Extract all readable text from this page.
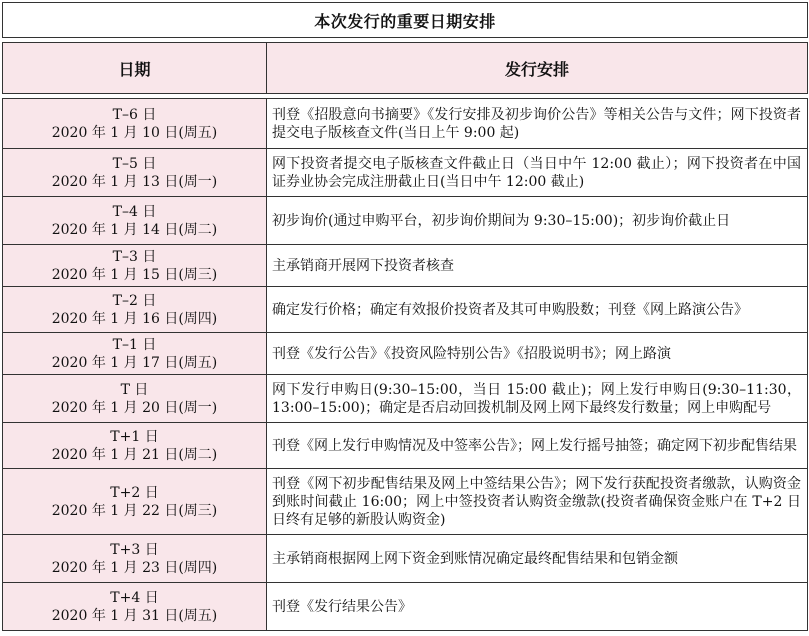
本次发行的重要日期安排	

日期	发行安排

T–6 日
2020 年 1 月 10 日(周五)	刊登《招股意向书摘要》《发行安排及初步询价公告》等相关公告与文件；网下投资者提交电子版核查文件(当日上午 9:00 起)

T–5 日
2020 年 1 月 13 日(周一)	网下投资者提交电子版核查文件截止日（当日中午 12:00 截止）；网下投资者在中国证券业协会完成注册截止日(当日中午 12:00 截止)

T–4 日
2020 年 1 月 14 日(周二)	初步询价(通过申购平台，初步询价期间为 9:30–15:00)；初步询价截止日

T–3 日
2020 年 1 月 15 日(周三)	主承销商开展网下投资者核查

T–2 日
2020 年 1 月 16 日(周四)	确定发行价格；确定有效报价投资者及其可申购股数；刊登《网上路演公告》

T–1 日
2020 年 1 月 17 日(周五)	刊登《发行公告》《投资风险特别公告》《招股说明书》；网上路演

T 日
2020 年 1 月 20 日(周一)	网下发行申购日(9:30–15:00，当日 15:00 截止)；网上发行申购日(9:30–11:30，13:00–15:00)；确定是否启动回拨机制及网上网下最终发行数量；网上申购配号

T+1 日
2020 年 1 月 21 日(周二)	刊登《网上发行申购情况及中签率公告》；网上发行摇号抽签；确定网下初步配售结果

T+2 日
2020 年 1 月 22 日(周三)	刊登《网下初步配售结果及网上中签结果公告》；网下发行获配投资者缴款，认购资金到账时间截止 16:00；网上中签投资者认购资金缴款(投资者确保资金账户在 T+2 日日终有足够的新股认购资金)

T+3 日
2020 年 1 月 23 日(周四)	主承销商根据网上网下资金到账情况确定最终配售结果和包销金额

T+4 日
2020 年 1 月 31 日(周五)	刊登《发行结果公告》
